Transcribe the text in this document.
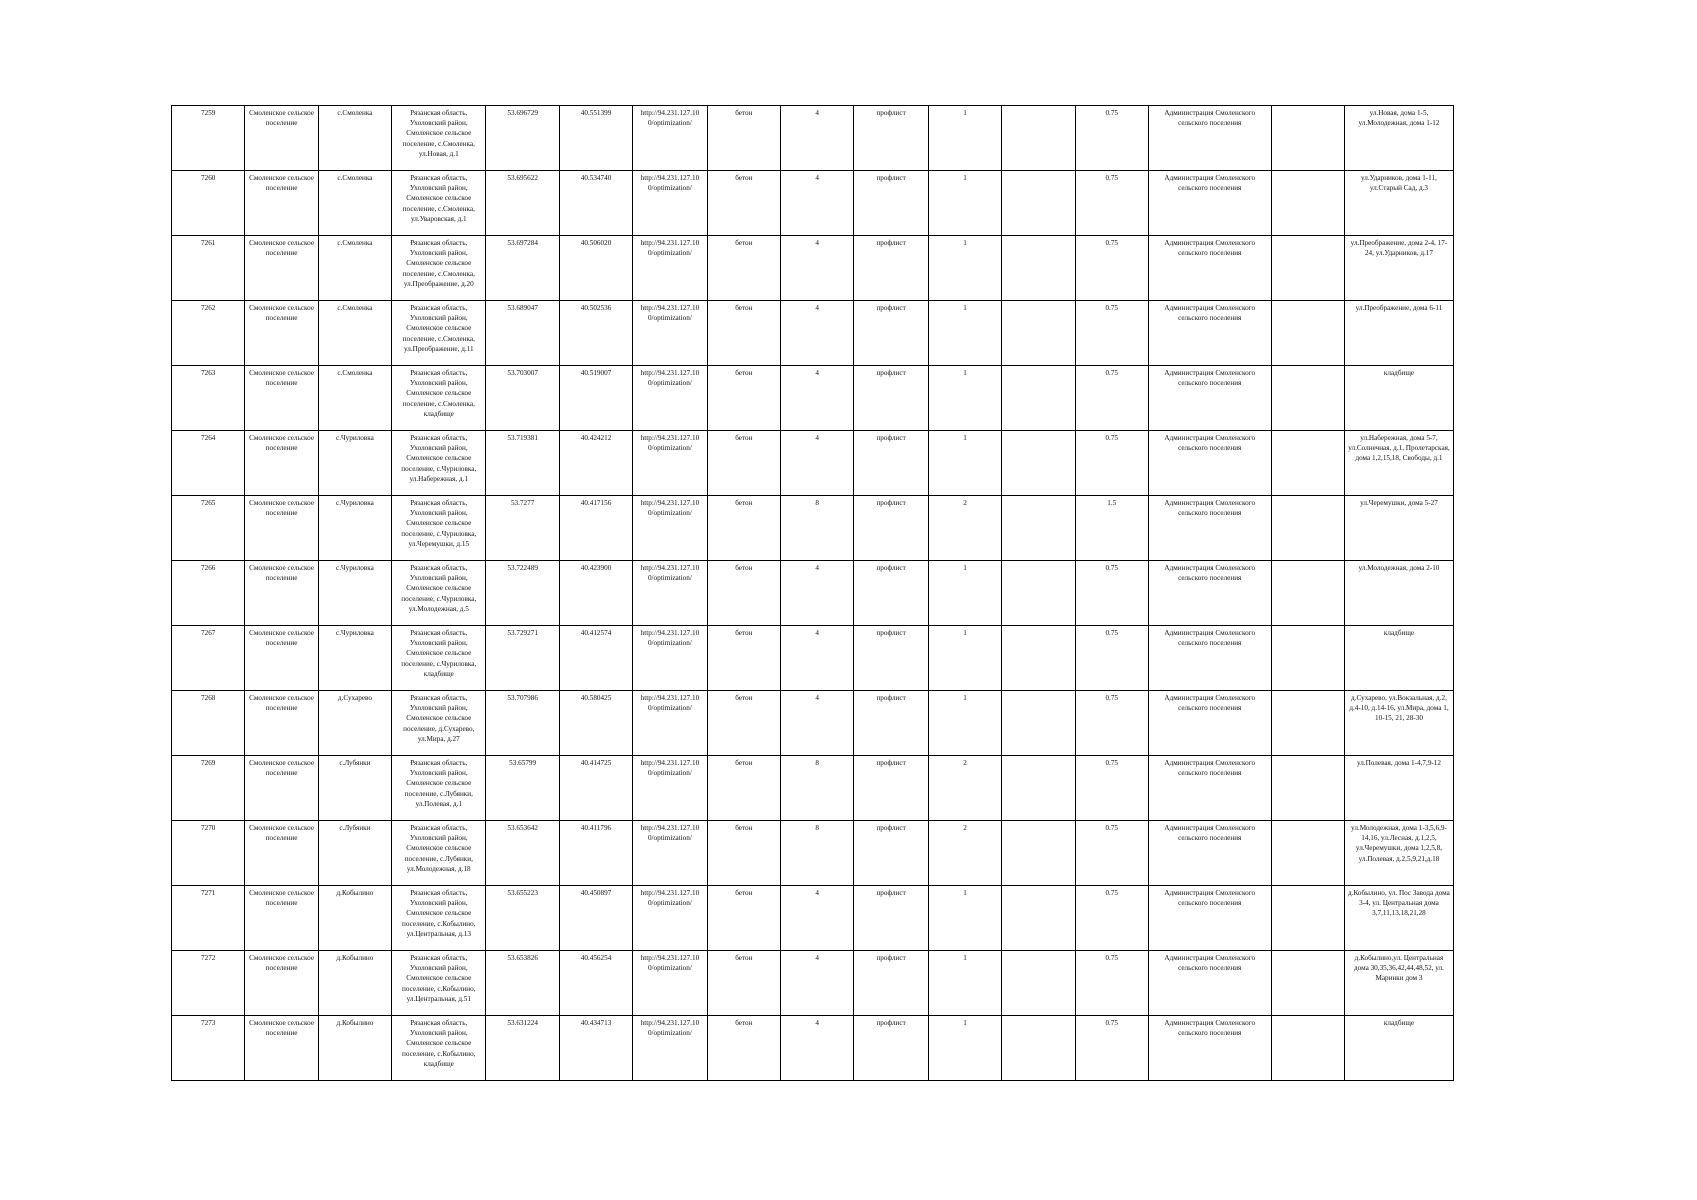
7259	Смоленское сельское поселение	с.Смоленка	Рязанская область, Ухоловский район, Смоленское сельское поселение, с.Смоленка, ул.Новая, д.1	53.696729	40.551399	http://94.231.127.10 0/optimization/	бетон	4	профлист	1		0.75	Администрация Смоленского сельского поселения		ул.Новая, дома 1-5, ул.Молодежная, дома 1-12
7260	Смоленское сельское поселение	с.Смоленка	Рязанская область, Ухоловский район, Смоленское сельское поселение, с.Смоленка, ул.Уваровская, д.1	53.695622	40.534740	http://94.231.127.10 0/optimization/	бетон	4	профлист	1		0.75	Администрация Смоленского сельского поселения		ул.Ударников, дома 1-11, ул.Старый Сад, д.3
7261	Смоленское сельское поселение	с.Смоленка	Рязанская область, Ухоловский район, Смоленское сельское поселение, с.Смоленка, ул.Преображение, д.20	53.697284	40.506020	http://94.231.127.10 0/optimization/	бетон	4	профлист	1		0.75	Администрация Смоленского сельского поселения		ул.Преображение, дома 2-4, 17-24, ул.Ударников, д.17
7262	Смоленское сельское поселение	с.Смоленка	Рязанская область, Ухоловский район, Смоленское сельское поселение, с.Смоленка, ул.Преображение, д.11	53.689047	40.502536	http://94.231.127.10 0/optimization/	бетон	4	профлист	1		0.75	Администрация Смоленского сельского поселения		ул.Преображение, дома 6-11
7263	Смоленское сельское поселение	с.Смоленка	Рязанская область, Ухоловский район, Смоленское сельское поселение, с.Смоленка, кладбище	53.703007	40.519007	http://94.231.127.10 0/optimization/	бетон	4	профлист	1		0.75	Администрация Смоленского сельского поселения		кладбище
7264	Смоленское сельское поселение	с.Чуриловка	Рязанская область, Ухоловский район, Смоленское сельское поселение, с.Чуриловка, ул.Набережная, д.1	53.719381	40.424212	http://94.231.127.10 0/optimization/	бетон	4	профлист	1		0.75	Администрация Смоленского сельского поселения		ул.Набережная, дома 5-7, ул.Солнечная, д.1, Пролетарская, дома 1,2,15,18, Свободы, д.1
7265	Смоленское сельское поселение	с.Чуриловка	Рязанская область, Ухоловский район, Смоленское сельское поселение, с.Чуриловка, ул.Черемушки, д.15	53.7277	40.417156	http://94.231.127.10 0/optimization/	бетон	8	профлист	2		1.5	Администрация Смоленского сельского поселения		ул.Черемушки, дома 5-27
7266	Смоленское сельское поселение	с.Чуриловка	Рязанская область, Ухоловский район, Смоленское сельское поселение, с.Чуриловка, ул.Молодежная, д.5	53.722489	40.423900	http://94.231.127.10 0/optimization/	бетон	4	профлист	1		0.75	Администрация Смоленского сельского поселения		ул.Молодежная, дома 2-10
7267	Смоленское сельское поселение	с.Чуриловка	Рязанская область, Ухоловский район, Смоленское сельское поселение, с.Чуриловка, кладбище	53.729271	40.412574	http://94.231.127.10 0/optimization/	бетон	4	профлист	1		0.75	Администрация Смоленского сельского поселения		кладбище
7268	Смоленское сельское поселение	д.Сухарево	Рязанская область, Ухоловский район, Смоленское сельское поселение, д.Сухарево, ул.Мира, д.27	53.707986	40.580425	http://94.231.127.10 0/optimization/	бетон	4	профлист	1		0.75	Администрация Смоленского сельского поселения		д.Сухарево, ул.Вокзальная, д.2, д.4-10, д.14-16, ул.Мира, дома 1, 10-15, 21, 28-30
7269	Смоленское сельское поселение	с.Лубянки	Рязанская область, Ухоловский район, Смоленское сельское поселение, с.Лубянки, ул.Полевая, д.1	53.65799	40.414725	http://94.231.127.10 0/optimization/	бетон	8	профлист	2		0.75	Администрация Смоленского сельского поселения		ул.Полевая, дома 1-4,7,9-12
7270	Смоленское сельское поселение	с.Лубянки	Рязанская область, Ухоловский район, Смоленское сельское поселение, с.Лубянки, ул.Молодежная, д.18	53.653642	40.411796	http://94.231.127.10 0/optimization/	бетон	8	профлист	2		0.75	Администрация Смоленского сельского поселения		ул.Молодежная, дома 1-3,5,6,9-14,16, ул.Лесная, д.1,2,5, ул.Черемушки, дома 1,2,5,8, ул.Полевая, д.2,5,9,21,д.18
7271	Смоленское сельское поселение	д.Кобылино	Рязанская область, Ухоловский район, Смоленское сельское поселение, с.Кобылино, ул.Центральная, д.13	53.655223	40.450897	http://94.231.127.10 0/optimization/	бетон	4	профлист	1		0.75	Администрация Смоленского сельского поселения		д.Кобылино, ул. Пос Завода дома 3-4, ул. Центральная дома 3,7,11,13,18,21,28
7272	Смоленское сельское поселение	д.Кобылино	Рязанская область, Ухоловский район, Смоленское сельское поселение, с.Кобылино, ул.Центральная, д.51	53.653826	40.456254	http://94.231.127.10 0/optimization/	бетон	4	профлист	1		0.75	Администрация Смоленского сельского поселения		д.Кобылино,ул. Центральная дома 30,35,36,42,44,48,52, ул. Маринки дом 3
7273	Смоленское сельское поселение	д.Кобылино	Рязанская область, Ухоловский район, Смоленское сельское поселение, с.Кобылино, кладбище	53.631224	40.434713	http://94.231.127.10 0/optimization/	бетон	4	профлист	1		0.75	Администрация Смоленского сельского поселения		кладбище
